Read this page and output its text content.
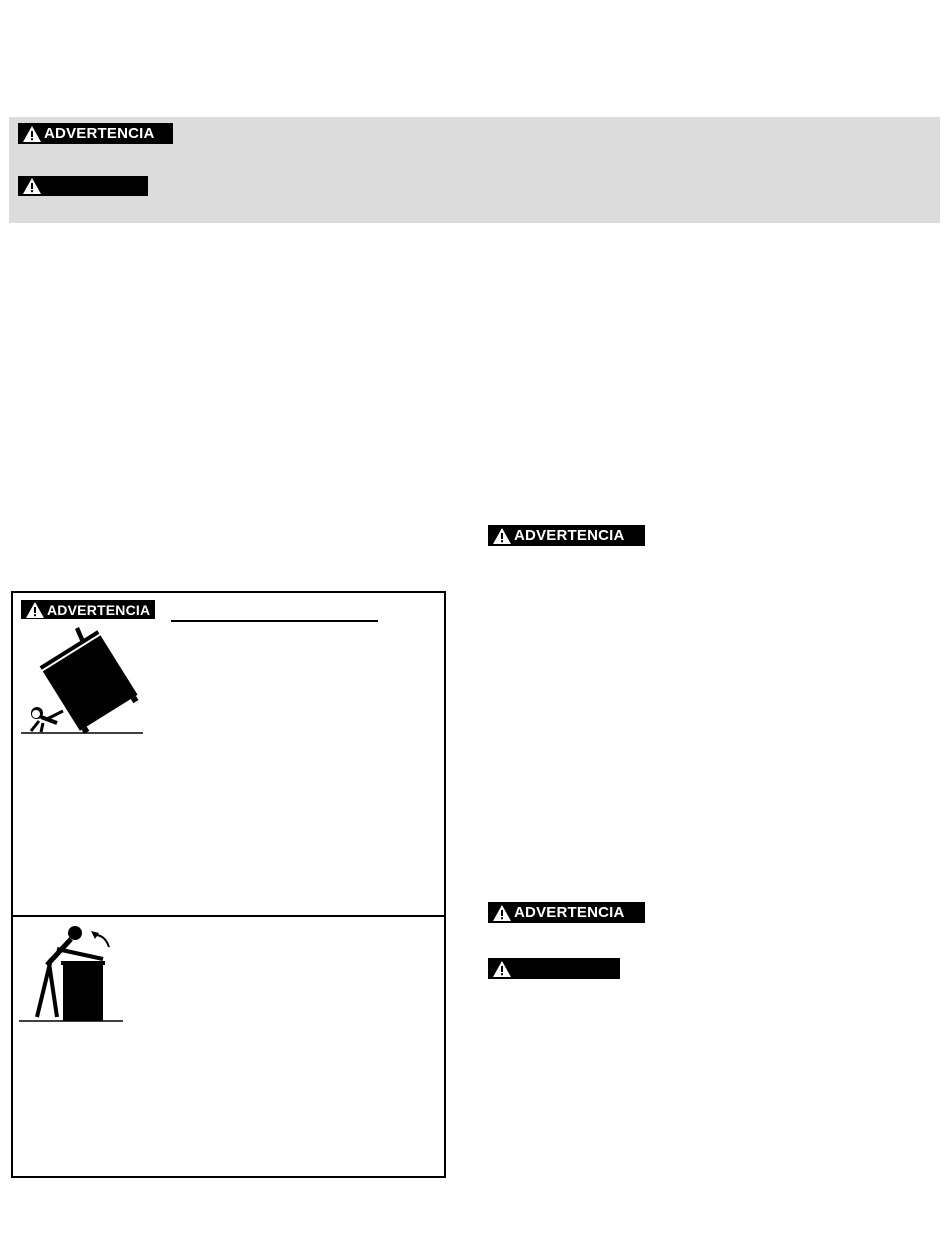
ADVERTENCIA
ADVERTENCIA
ADVERTENCIA
ADVERTENCIA
